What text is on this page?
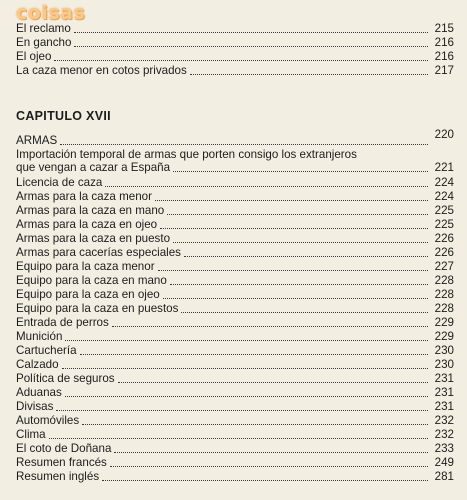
coisas
El reclamo	215
En gancho	216
El ojeo	216
La caza menor en cotos privados	217
CAPITULO XVII
ARMAS	220
Importación temporal de armas que porten consigo los extranjeros
que vengan a cazar a España	221
Licencia de caza	224
Armas para la caza menor	224
Armas para la caza en mano	225
Armas para la caza en ojeo	225
Armas para la caza en puesto	226
Armas para cacerías especiales	226
Equipo para la caza menor	227
Equipo para la caza en mano	228
Equipo para la caza en ojeo	228
Equipo para la caza en puestos	228
Entrada de perros	229
Munición	229
Cartuchería	230
Calzado	230
Política de seguros	231
Aduanas	231
Divisas	231
Automóviles	232
Clima	232
El coto de Doñana	233
Resumen francés	249
Resumen inglés	281
